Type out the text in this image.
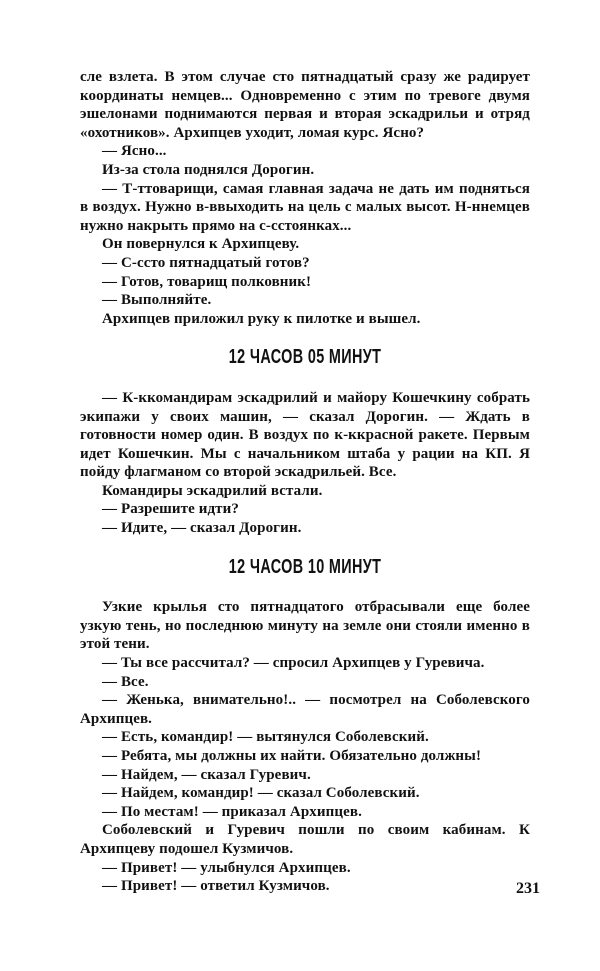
сле взлета. В этом случае сто пятнадцатый сразу же радирует координаты немцев... Одновременно с этим по тревоге двумя эшелонами поднимаются первая и вторая эскадрильи и отряд «охотников». Архипцев уходит, ломая курс. Ясно?

— Ясно...

Из-за стола поднялся Дорогин.

— Т-ттоварищи, самая главная задача не дать им подняться в воздух. Нужно в-ввыходить на цель с малых высот. Н-ннемцев нужно накрыть прямо на с-сстоянках...

Он повернулся к Архипцеву.

— С-ссто пятнадцатый готов?

— Готов, товарищ полковник!

— Выполняйте.

Архипцев приложил руку к пилотке и вышел.

12 ЧАСОВ 05 МИНУТ

— К-ккомандирам эскадрилий и майору Кошечкину собрать экипажи у своих машин, — сказал Дорогин. — Ждать в готовности номер один. В воздух по к-ккрасной ракете. Первым идет Кошечкин. Мы с начальником штаба у рации на КП. Я пойду флагманом со второй эскадрильей. Все.

Командиры эскадрилий встали.

— Разрешите идти?

— Идите, — сказал Дорогин.

12 ЧАСОВ 10 МИНУТ

Узкие крылья сто пятнадцатого отбрасывали еще более узкую тень, но последнюю минуту на земле они стояли именно в этой тени.

— Ты все рассчитал? — спросил Архипцев у Гуревича.

— Все.

— Женька, внимательно!.. — посмотрел на Соболевского Архипцев.

— Есть, командир! — вытянулся Соболевский.

— Ребята, мы должны их найти. Обязательно должны!

— Найдем, — сказал Гуревич.

— Найдем, командир! — сказал Соболевский.

— По местам! — приказал Архипцев.

Соболевский и Гуревич пошли по своим кабинам. К Архипцеву подошел Кузмичов.

— Привет! — улыбнулся Архипцев.

— Привет! — ответил Кузмичов.	231
